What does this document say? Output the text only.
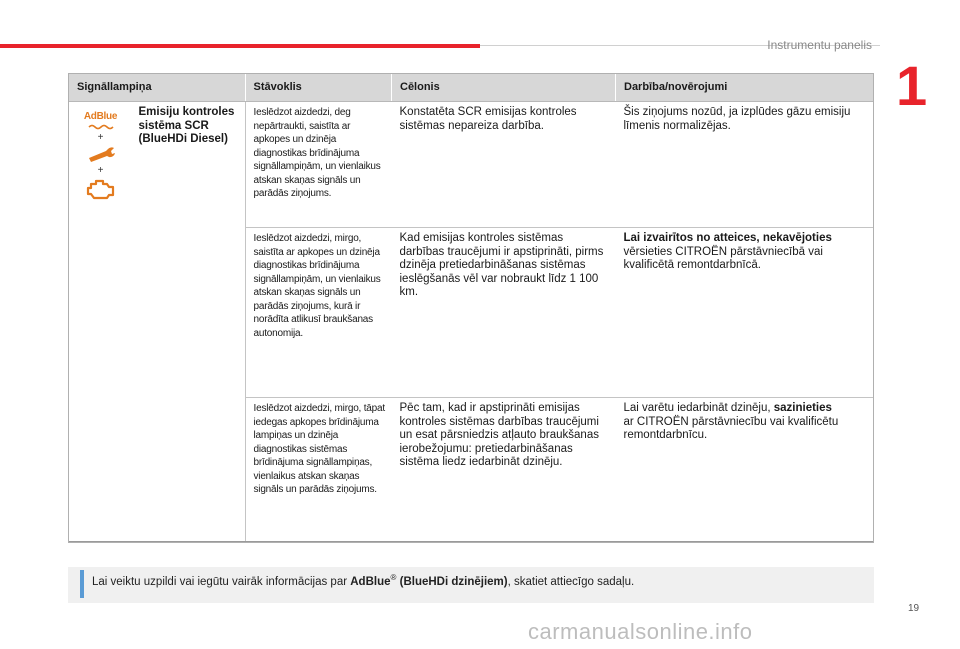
Instrumentu panelis
1
Signāllampiņa		Stāvoklis	Cēlonis	Darbība/novērojumi

AdBlue
+
+	Emisiju kontroles sistēma SCR (BlueHDi Diesel)	Ieslēdzot aizdedzi, deg nepārtraukti, saistīta ar apkopes un dzinēja diagnostikas brīdinājuma signāllampiņām, un vienlaikus atskan skaņas signāls un parādās ziņojums.	Konstatēta SCR emisijas kontroles sistēmas nepareiza darbība.	Šis ziņojums nozūd, ja izplūdes gāzu emisiju līmenis normalizējas.
		Ieslēdzot aizdedzi, mirgo, saistīta ar apkopes un dzinēja diagnostikas brīdinājuma signāllampiņām, un vienlaikus atskan skaņas signāls un parādās ziņojums, kurā ir norādīta atlikusī braukšanas autonomija.	Kad emisijas kontroles sistēmas darbības traucējumi ir apstiprināti, pirms dzinēja pretiedarbināšanas sistēmas ieslēgšanās vēl var nobraukt līdz 1 100 km.	Lai izvairītos no atteices, nekavējoties
vērsieties CITROËN pārstāvniecībā vai kvalificētā remontdarbnīcā.
		Ieslēdzot aizdedzi, mirgo, tāpat iedegas apkopes brīdinājuma lampiņas un dzinēja diagnostikas sistēmas brīdinājuma signāllampiņas, vienlaikus atskan skaņas signāls un parādās ziņojums.	Pēc tam, kad ir apstiprināti emisijas kontroles sistēmas darbības traucējumi un esat pārsniedzis atļauto braukšanas ierobežojumu: pretiedarbināšanas sistēma liedz iedarbināt dzinēju.	Lai varētu iedarbināt dzinēju, sazinieties
ar CITROËN pārstāvniecību vai kvalificētu remontdarbnīcu.
Lai veiktu uzpildi vai iegūtu vairāk informācijas par AdBlue® (BlueHDi dzinējiem), skatiet attiecīgo sadaļu.
19
carmanualsonline.info
